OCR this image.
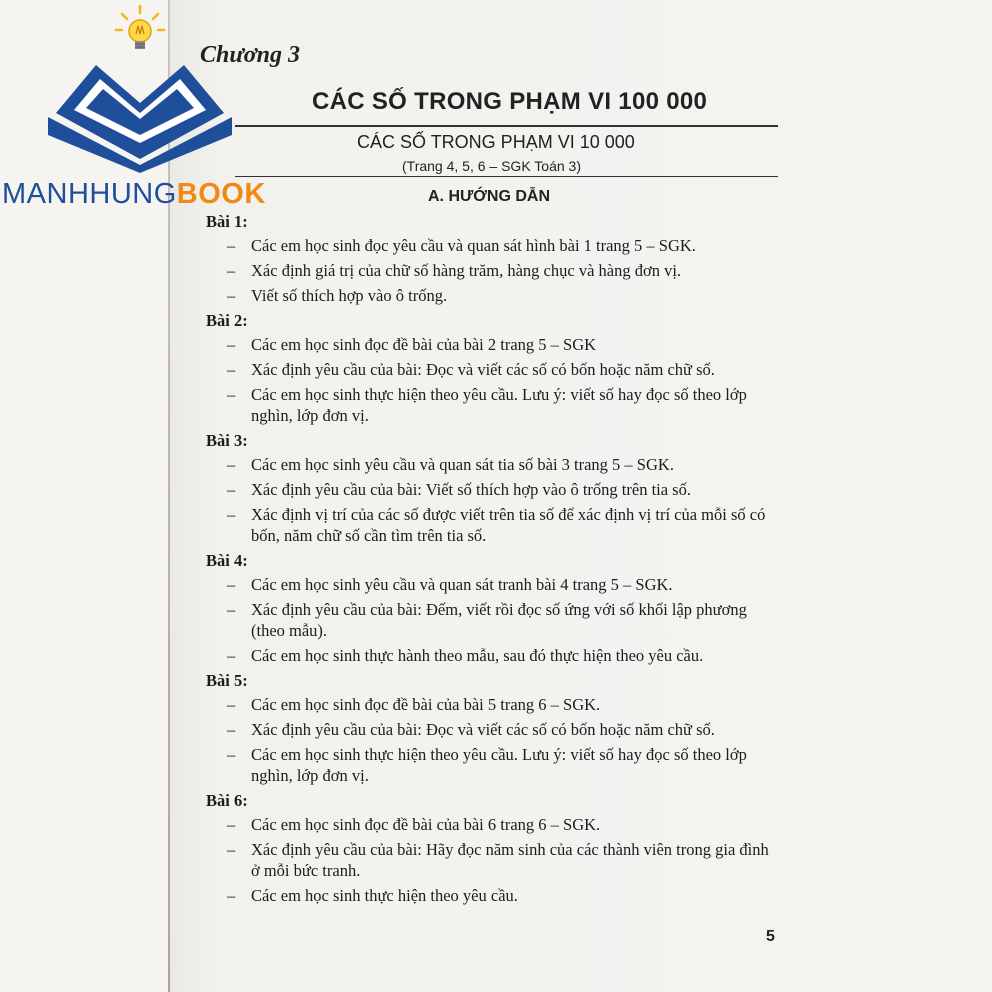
MANHHUNGBOOK
Chương 3
CÁC SỐ TRONG PHẠM VI 100 000
CÁC SỐ TRONG PHẠM VI 10 000
(Trang 4, 5, 6 – SGK Toán 3)
A. HƯỚNG DẪN
Bài 1:
– Các em học sinh đọc yêu cầu và quan sát hình bài 1 trang 5 – SGK.
– Xác định giá trị của chữ số hàng trăm, hàng chục và hàng đơn vị.
– Viết số thích hợp vào ô trống.
Bài 2:
– Các em học sinh đọc đề bài của bài 2 trang 5 – SGK
– Xác định yêu cầu của bài: Đọc và viết các số có bốn hoặc năm chữ số.
– Các em học sinh thực hiện theo yêu cầu. Lưu ý: viết số hay đọc số theo lớp nghìn, lớp đơn vị.
Bài 3:
– Các em học sinh yêu cầu và quan sát tia số bài 3 trang 5 – SGK.
– Xác định yêu cầu của bài: Viết số thích hợp vào ô trống trên tia số.
– Xác định vị trí của các số được viết trên tia số để xác định vị trí của mỗi số có bốn, năm chữ số cần tìm trên tia số.
Bài 4:
– Các em học sinh yêu cầu và quan sát tranh bài 4 trang 5 – SGK.
– Xác định yêu cầu của bài: Đếm, viết rồi đọc số ứng với số khối lập phương (theo mẫu).
– Các em học sinh thực hành theo mẫu, sau đó thực hiện theo yêu cầu.
Bài 5:
– Các em học sinh đọc đề bài của bài 5 trang 6 – SGK.
– Xác định yêu cầu của bài: Đọc và viết các số có bốn hoặc năm chữ số.
– Các em học sinh thực hiện theo yêu cầu. Lưu ý: viết số hay đọc số theo lớp nghìn, lớp đơn vị.
Bài 6:
– Các em học sinh đọc đề bài của bài 6 trang 6 – SGK.
– Xác định yêu cầu của bài: Hãy đọc năm sinh của các thành viên trong gia đình ở mỗi bức tranh.
– Các em học sinh thực hiện theo yêu cầu.
5
